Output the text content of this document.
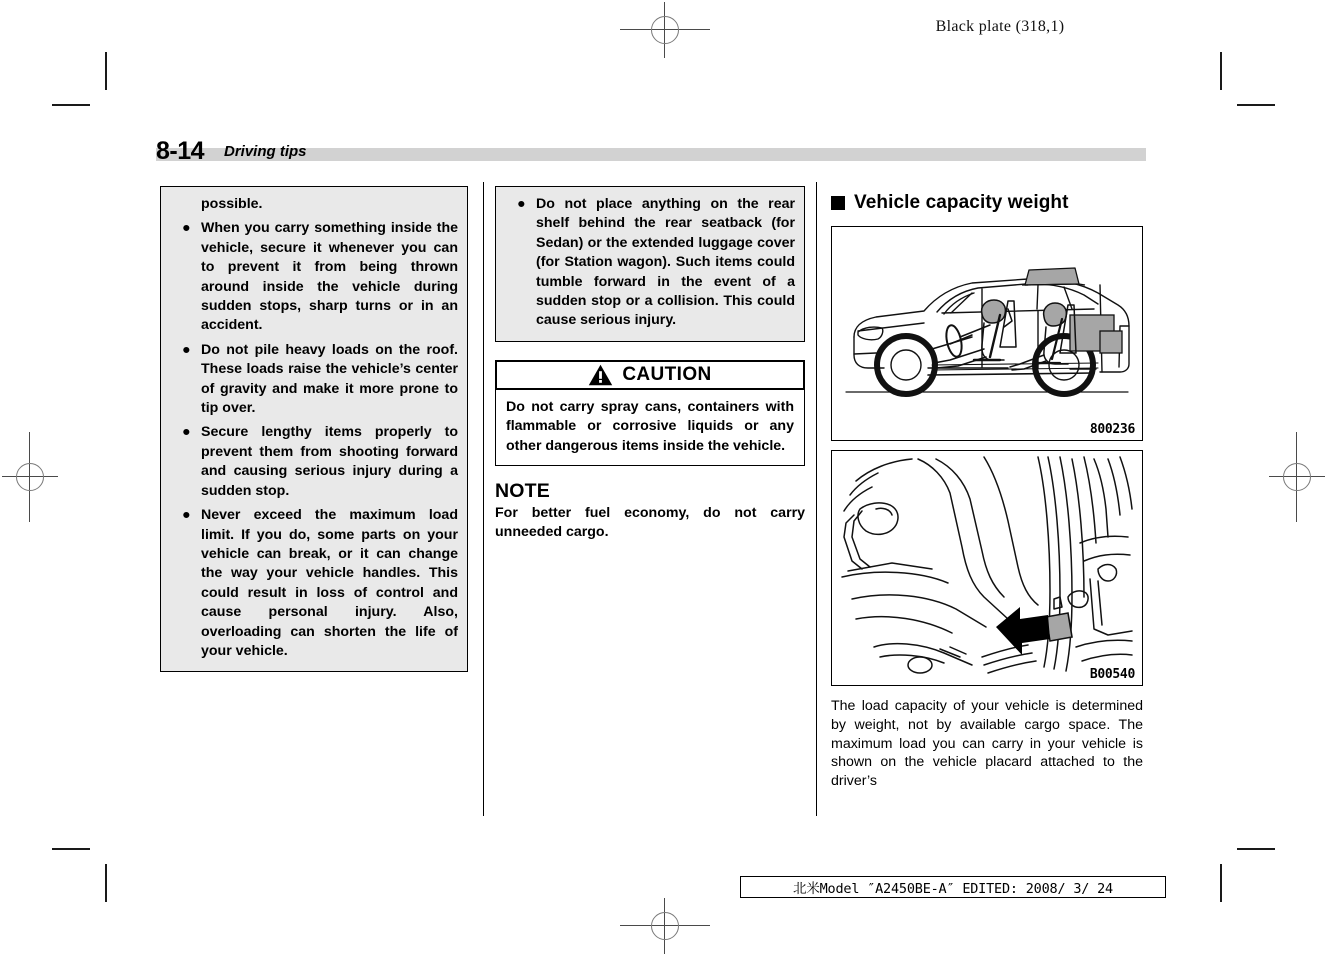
Black plate (318,1)
8-14 Driving tips
possible.
● When you carry something inside the vehicle, secure it whenever you can to prevent it from being thrown around inside the vehicle during sudden stops, sharp turns or in an accident.
● Do not pile heavy loads on the roof. These loads raise the vehicle’s center of gravity and make it more prone to tip over.
● Secure lengthy items properly to prevent them from shooting forward and causing serious injury during a sudden stop.
● Never exceed the maximum load limit. If you do, some parts on your vehicle can break, or it can change the way your vehicle handles. This could result in loss of control and cause personal injury. Also, overloading can shorten the life of your vehicle.
● Do not place anything on the rear shelf behind the rear seatback (for Sedan) or the extended luggage cover (for Station wagon). Such items could tumble forward in the event of a sudden stop or a collision. This could cause serious injury.
CAUTION

Do not carry spray cans, containers with flammable or corrosive liquids or any other dangerous items inside the vehicle.

NOTE

For better fuel economy, do not carry unneeded cargo.

Vehicle capacity weight
800236
B00540

The load capacity of your vehicle is determined by weight, not by available cargo space. The maximum load you can carry in your vehicle is shown on the vehicle placard attached to the driver’s

北米Model ″A2450BE-A″ EDITED: 2008/ 3/ 24
